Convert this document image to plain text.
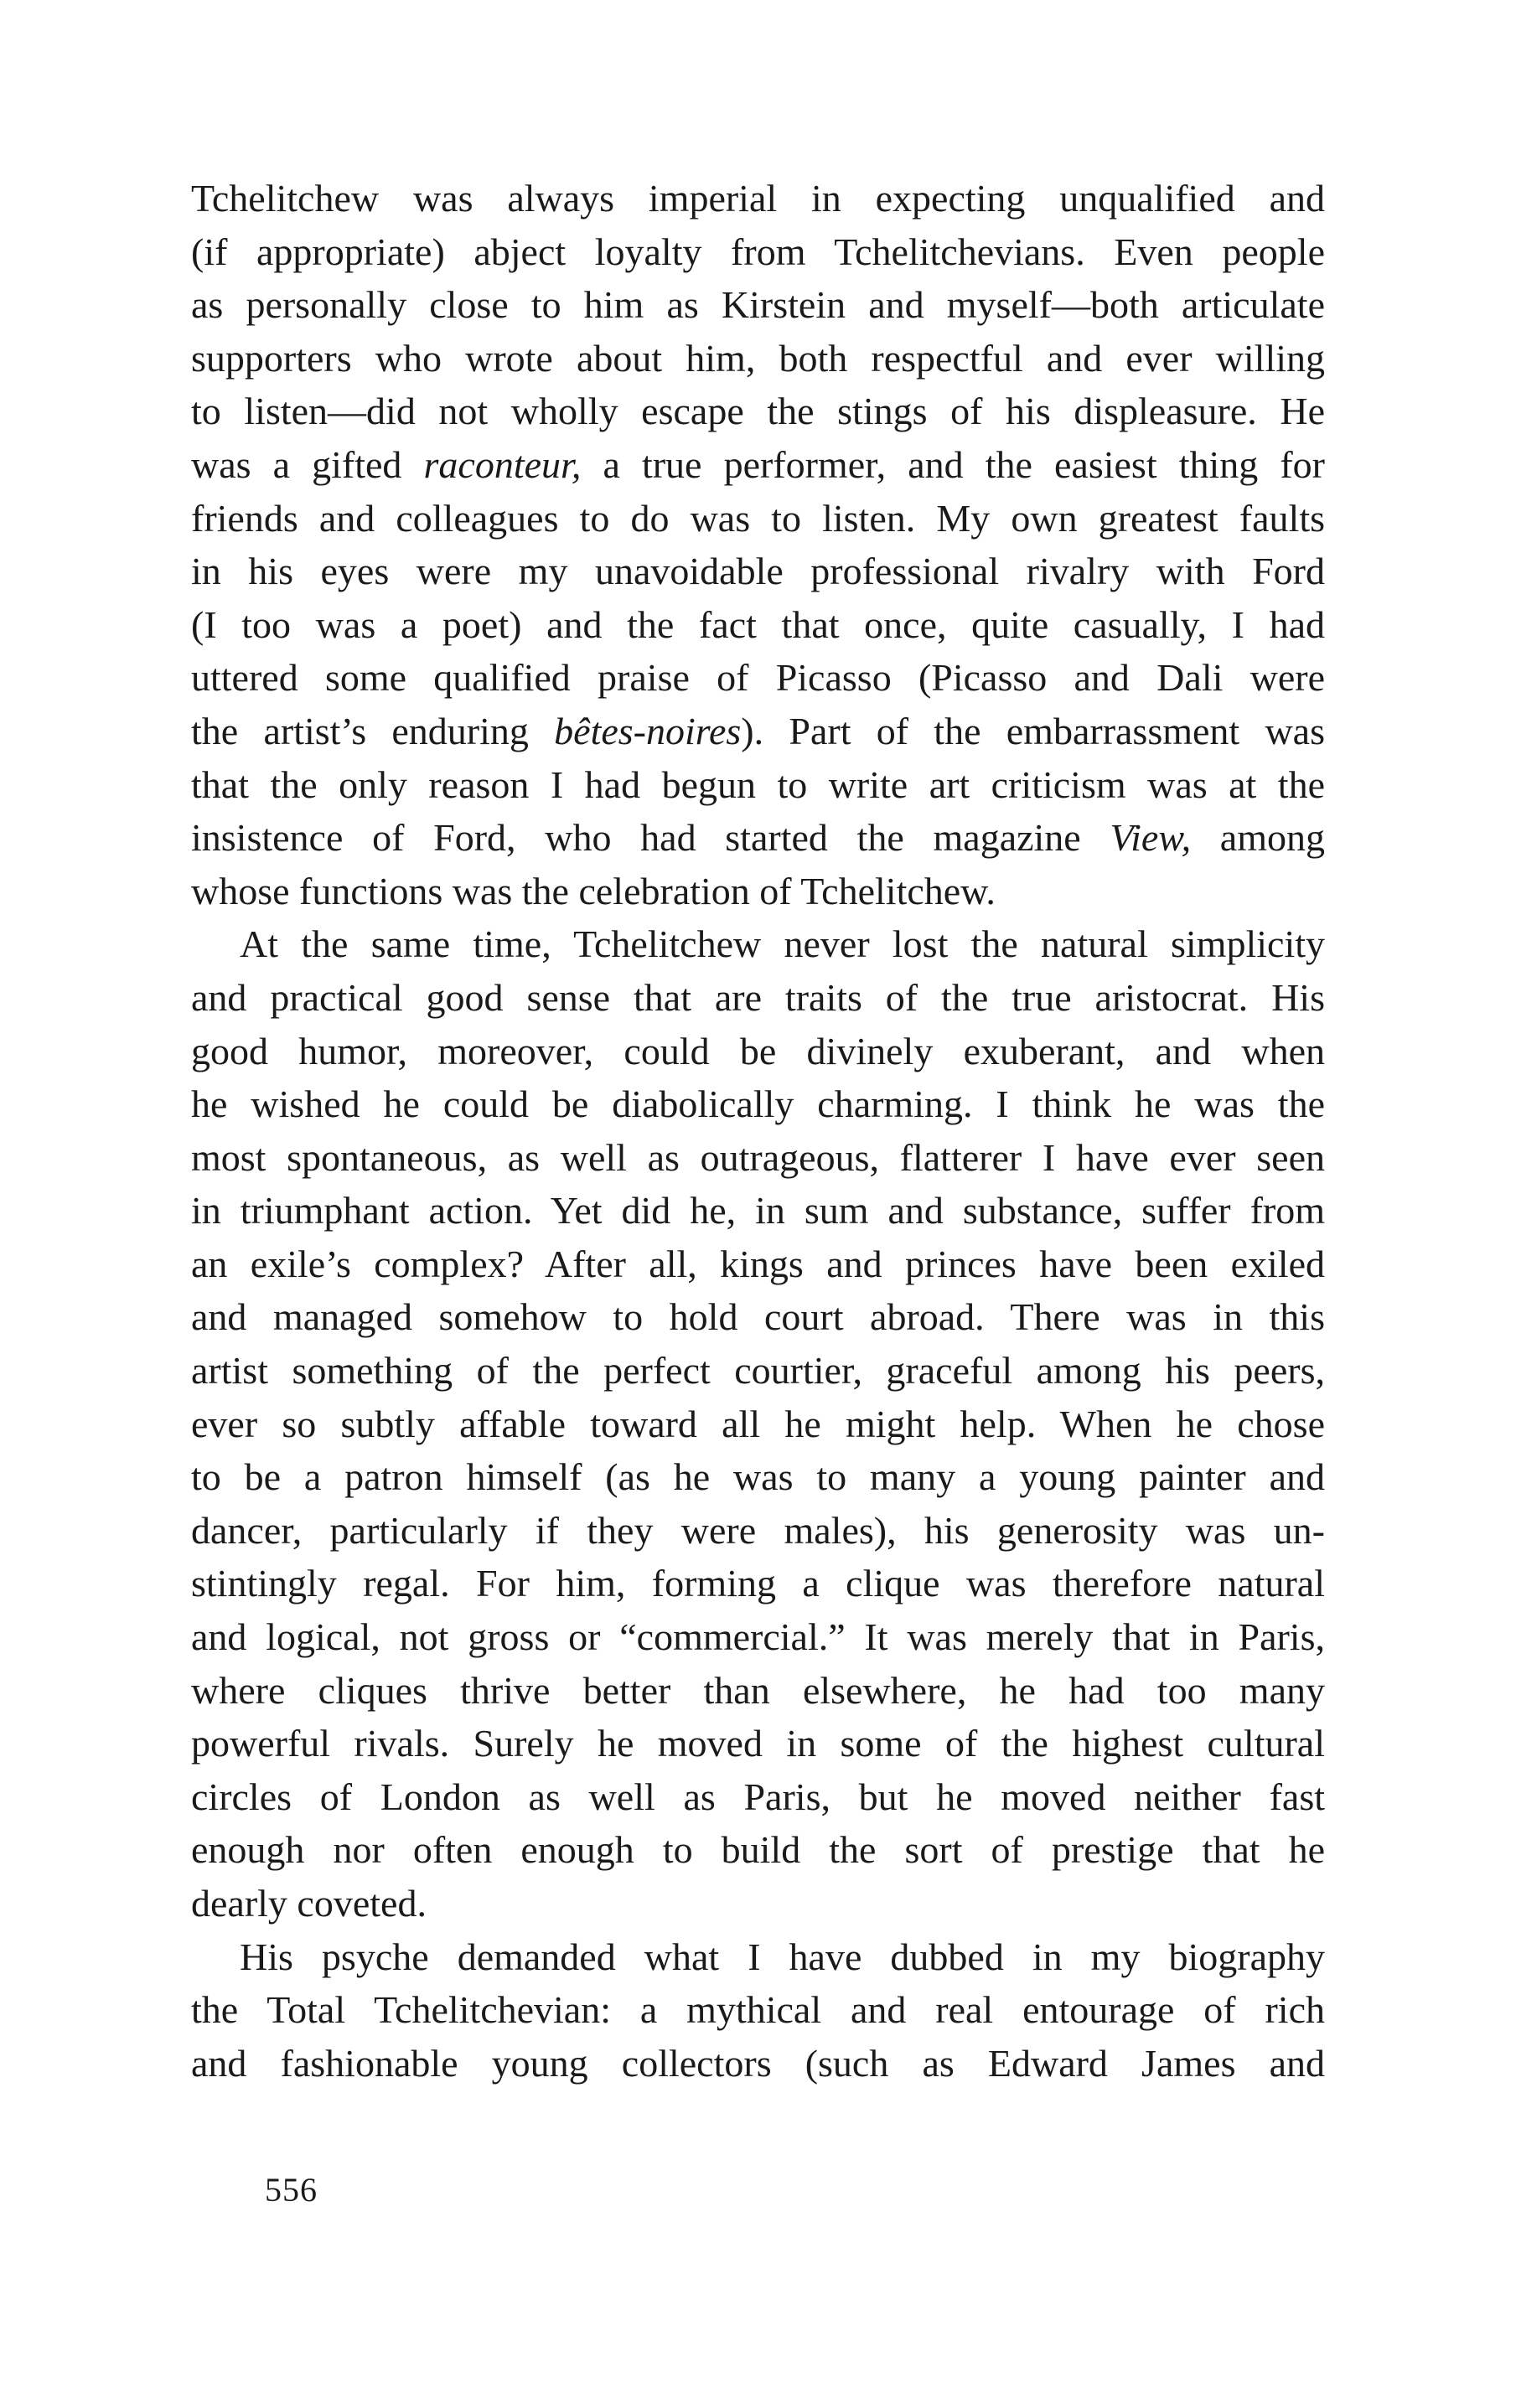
Tchelitchew was always imperial in expecting unqualified and
(if appropriate) abject loyalty from Tchelitchevians. Even people
as personally close to him as Kirstein and myself—both articulate
supporters who wrote about him, both respectful and ever willing
to listen—did not wholly escape the stings of his displeasure. He
was a gifted raconteur, a true performer, and the easiest thing for
friends and colleagues to do was to listen. My own greatest faults
in his eyes were my unavoidable professional rivalry with Ford
(I too was a poet) and the fact that once, quite casually, I had
uttered some qualified praise of Picasso (Picasso and Dali were
the artist’s enduring bêtes-noires). Part of the embarrassment was
that the only reason I had begun to write art criticism was at the
insistence of Ford, who had started the magazine View, among
whose functions was the celebration of Tchelitchew.
At the same time, Tchelitchew never lost the natural simplicity
and practical good sense that are traits of the true aristocrat. His
good humor, moreover, could be divinely exuberant, and when
he wished he could be diabolically charming. I think he was the
most spontaneous, as well as outrageous, flatterer I have ever seen
in triumphant action. Yet did he, in sum and substance, suffer from
an exile’s complex? After all, kings and princes have been exiled
and managed somehow to hold court abroad. There was in this
artist something of the perfect courtier, graceful among his peers,
ever so subtly affable toward all he might help. When he chose
to be a patron himself (as he was to many a young painter and
dancer, particularly if they were males), his generosity was un-
stintingly regal. For him, forming a clique was therefore natural
and logical, not gross or “commercial.” It was merely that in Paris,
where cliques thrive better than elsewhere, he had too many
powerful rivals. Surely he moved in some of the highest cultural
circles of London as well as Paris, but he moved neither fast
enough nor often enough to build the sort of prestige that he
dearly coveted.
His psyche demanded what I have dubbed in my biography
the Total Tchelitchevian: a mythical and real entourage of rich
and fashionable young collectors (such as Edward James and
556
